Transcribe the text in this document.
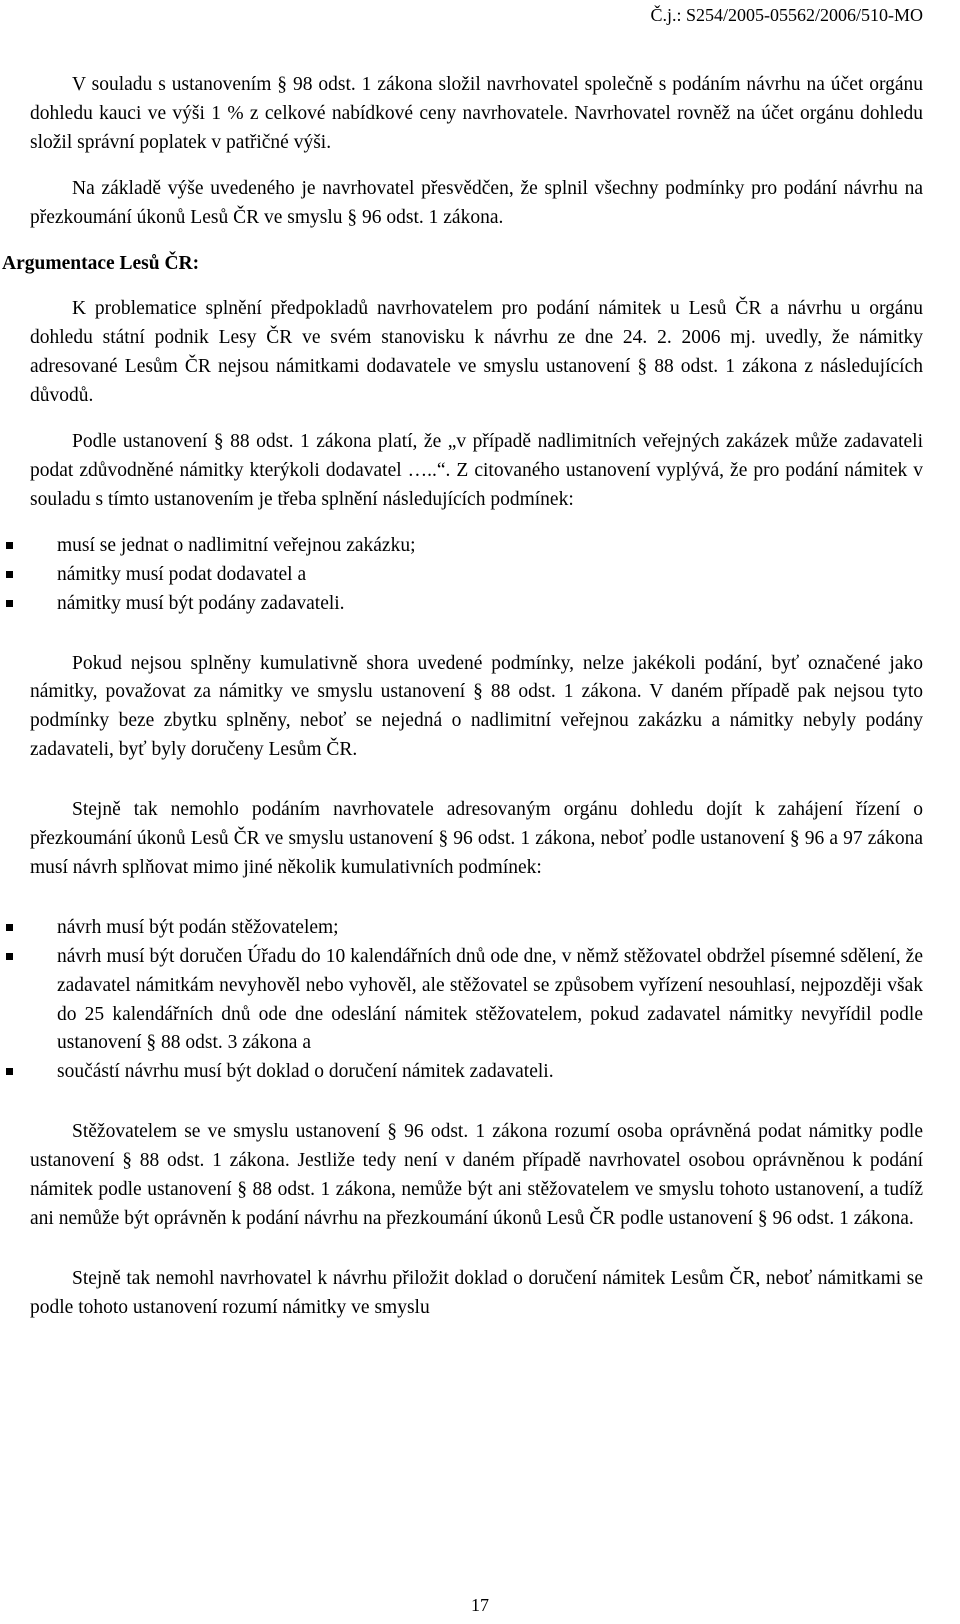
Č.j.: S254/2005-05562/2006/510-MO

V souladu s ustanovením § 98 odst. 1 zákona složil navrhovatel společně s podáním návrhu na účet orgánu dohledu kauci ve výši 1 % z celkové nabídkové ceny navrhovatele. Navrhovatel rovněž na účet orgánu dohledu složil správní poplatek v patřičné výši.

Na základě výše uvedeného je navrhovatel přesvědčen, že splnil všechny podmínky pro podání návrhu na přezkoumání úkonů Lesů ČR ve smyslu § 96 odst. 1 zákona.

Argumentace Lesů ČR:

K problematice splnění předpokladů navrhovatelem pro podání námitek u Lesů ČR a návrhu u orgánu dohledu státní podnik Lesy ČR ve svém stanovisku k návrhu ze dne 24. 2. 2006 mj. uvedly, že námitky adresované Lesům ČR nejsou námitkami dodavatele ve smyslu ustanovení § 88 odst. 1 zákona z následujících důvodů.

Podle ustanovení § 88 odst. 1 zákona platí, že „v případě nadlimitních veřejných zakázek může zadavateli podat zdůvodněné námitky kterýkoli dodavatel …..“. Z citovaného ustanovení vyplývá, že pro podání námitek v souladu s tímto ustanovením je třeba splnění následujících podmínek:

musí se jednat o nadlimitní veřejnou zakázku;
námitky musí podat dodavatel a
námitky musí být podány zadavateli.

Pokud nejsou splněny kumulativně shora uvedené podmínky, nelze jakékoli podání, byť označené jako námitky, považovat za námitky ve smyslu ustanovení § 88 odst. 1 zákona. V daném případě pak nejsou tyto podmínky beze zbytku splněny, neboť se nejedná o nadlimitní veřejnou zakázku a námitky nebyly podány zadavateli, byť byly doručeny Lesům ČR.

Stejně tak nemohlo podáním navrhovatele adresovaným orgánu dohledu dojít k zahájení řízení o přezkoumání úkonů Lesů ČR ve smyslu ustanovení § 96 odst. 1 zákona, neboť podle ustanovení § 96 a 97 zákona musí návrh splňovat mimo jiné několik kumulativních podmínek:

návrh musí být podán stěžovatelem;
návrh musí být doručen Úřadu do 10 kalendářních dnů ode dne, v němž stěžovatel obdržel písemné sdělení, že zadavatel námitkám nevyhověl nebo vyhověl, ale stěžovatel se způsobem vyřízení nesouhlasí, nejpozději však do 25 kalendářních dnů ode dne odeslání námitek stěžovatelem, pokud zadavatel námitky nevyřídil podle ustanovení § 88 odst. 3 zákona a
součástí návrhu musí být doklad o doručení námitek zadavateli.

Stěžovatelem se ve smyslu ustanovení § 96 odst. 1 zákona rozumí osoba oprávněná podat námitky podle ustanovení § 88 odst. 1 zákona. Jestliže tedy není v daném případě navrhovatel osobou oprávněnou k podání námitek podle ustanovení § 88 odst. 1 zákona, nemůže být ani stěžovatelem ve smyslu tohoto ustanovení, a tudíž ani nemůže být oprávněn k podání návrhu na přezkoumání úkonů Lesů ČR podle ustanovení § 96 odst. 1 zákona.

Stejně tak nemohl navrhovatel k návrhu přiložit doklad o doručení námitek Lesům ČR, neboť námitkami se podle tohoto ustanovení rozumí námitky ve smyslu

17
